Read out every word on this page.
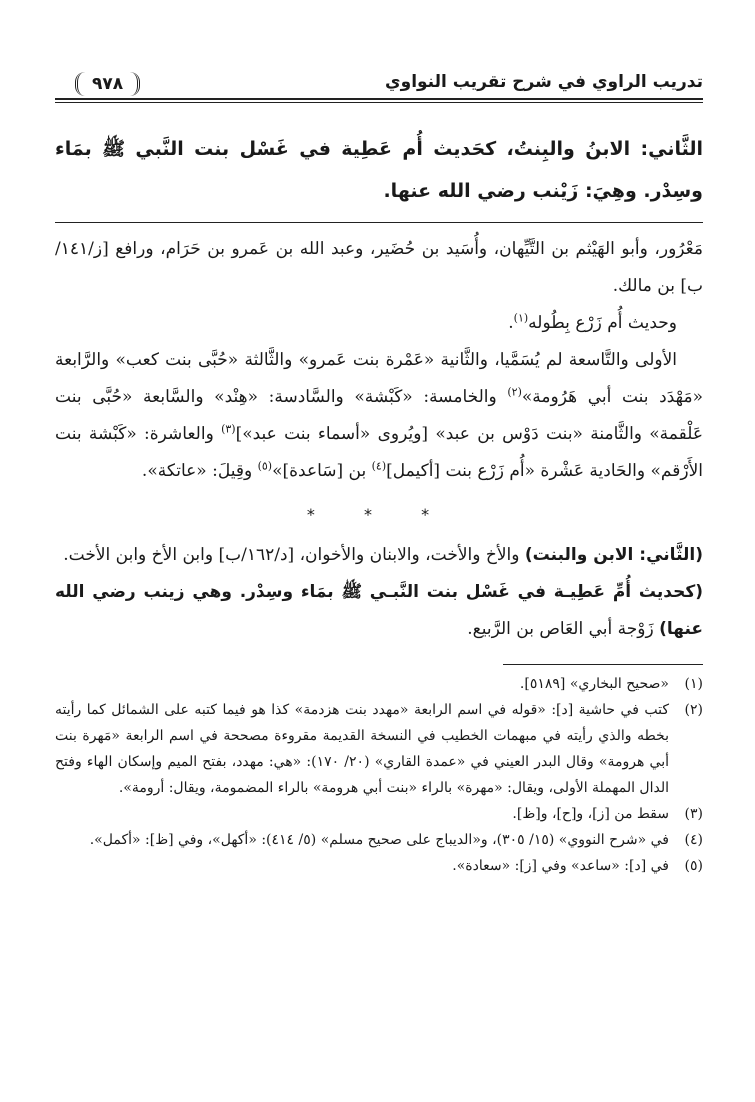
تدريب الراوي في شرح تقريب النواوي
٩٧٨
الثَّاني: الابنُ والبِنتُ، كحَديث أُم عَطِية في غَسْل بنت النَّبي ﷺ بمَاء وسِدْر. وهِيَ: زَيْنب رضي الله عنها.

مَعْرُور، وأبو الهَيْثم بن التَّيِّهان، وأُسَيد بن حُضَير، وعبد الله بن عَمرو بن حَرَام، ورافع [ز/١٤١/ب] بن مالك.

وحديث أُم زَرْع بِطُوله$^{(١)}$.

الأولى والتَّاسعة لم يُسَمَّيا، والثَّانية «عَمْرة بنت عَمرو» والثَّالثة «حُبَّى بنت كعب» والرَّابعة «مَهْدَد بنت أبي هَرُومة»$^{(٢)}$ والخامسة: «كَبْشة» والسَّادسة: «هِنْد» والسَّابعة «حُبَّى بنت عَلْقمة» والثَّامنة «بنت دَوْس بن عبد» [ويُروى «أسماء بنت عبد»]$^{(٣)}$ والعاشرة: «كَبْشة بنت الأَرْقم» والحَادية عَشْرة «أُم زَرْع بنت [أكيمل]$^{(٤)}$ بن [سَاعدة]»$^{(٥)}$ وقِيلَ: «عاتكة».

* * *

(الثَّاني: الابن والبنت) والأخ والأخت، والابنان والأخوان، [د/١٦٢/ب] وابن الأخ وابن الأخت.

(كحديث أُمِّ عَطِيـة في غَسْل بنت النَّبـي ﷺ بمَاء وسِدْر. وهي زينب رضي الله عنها) زَوْجة أبي العَاص بن الرَّبيع.

(١)
«صحيح البخاري» [٥١٨٩].
(٢)
كتب في حاشية [د]: «قوله في اسم الرابعة «مهدد بنت هزدمة» كذا هو فيما كتبه على الشمائل كما رأيته بخطه والذي رأيته في مبهمات الخطيب في النسخة القديمة مقروءة مصححة في اسم الرابعة «مَهرة بنت أبي هرومة» وقال البدر العيني في «عمدة القاري» (٢٠/ ١٧٠): «هي: مهدد، بفتح الميم وإسكان الهاء وفتح الدال المهملة الأولى، ويقال: «مهرة» بالراء «بنت أبي هرومة» بالراء المضمومة، ويقال: أرومة».
(٣)
سقط من [ز]، و[ح]، و[ظ].
(٤)
في «شرح النووي» (١٥/ ٣٠٥)، و«الديباج على صحيح مسلم» (٥/ ٤١٤): «أكهل»، وفي [ظ]: «أكمل».
(٥)
في [د]: «ساعد» وفي [ز]: «سعادة».
